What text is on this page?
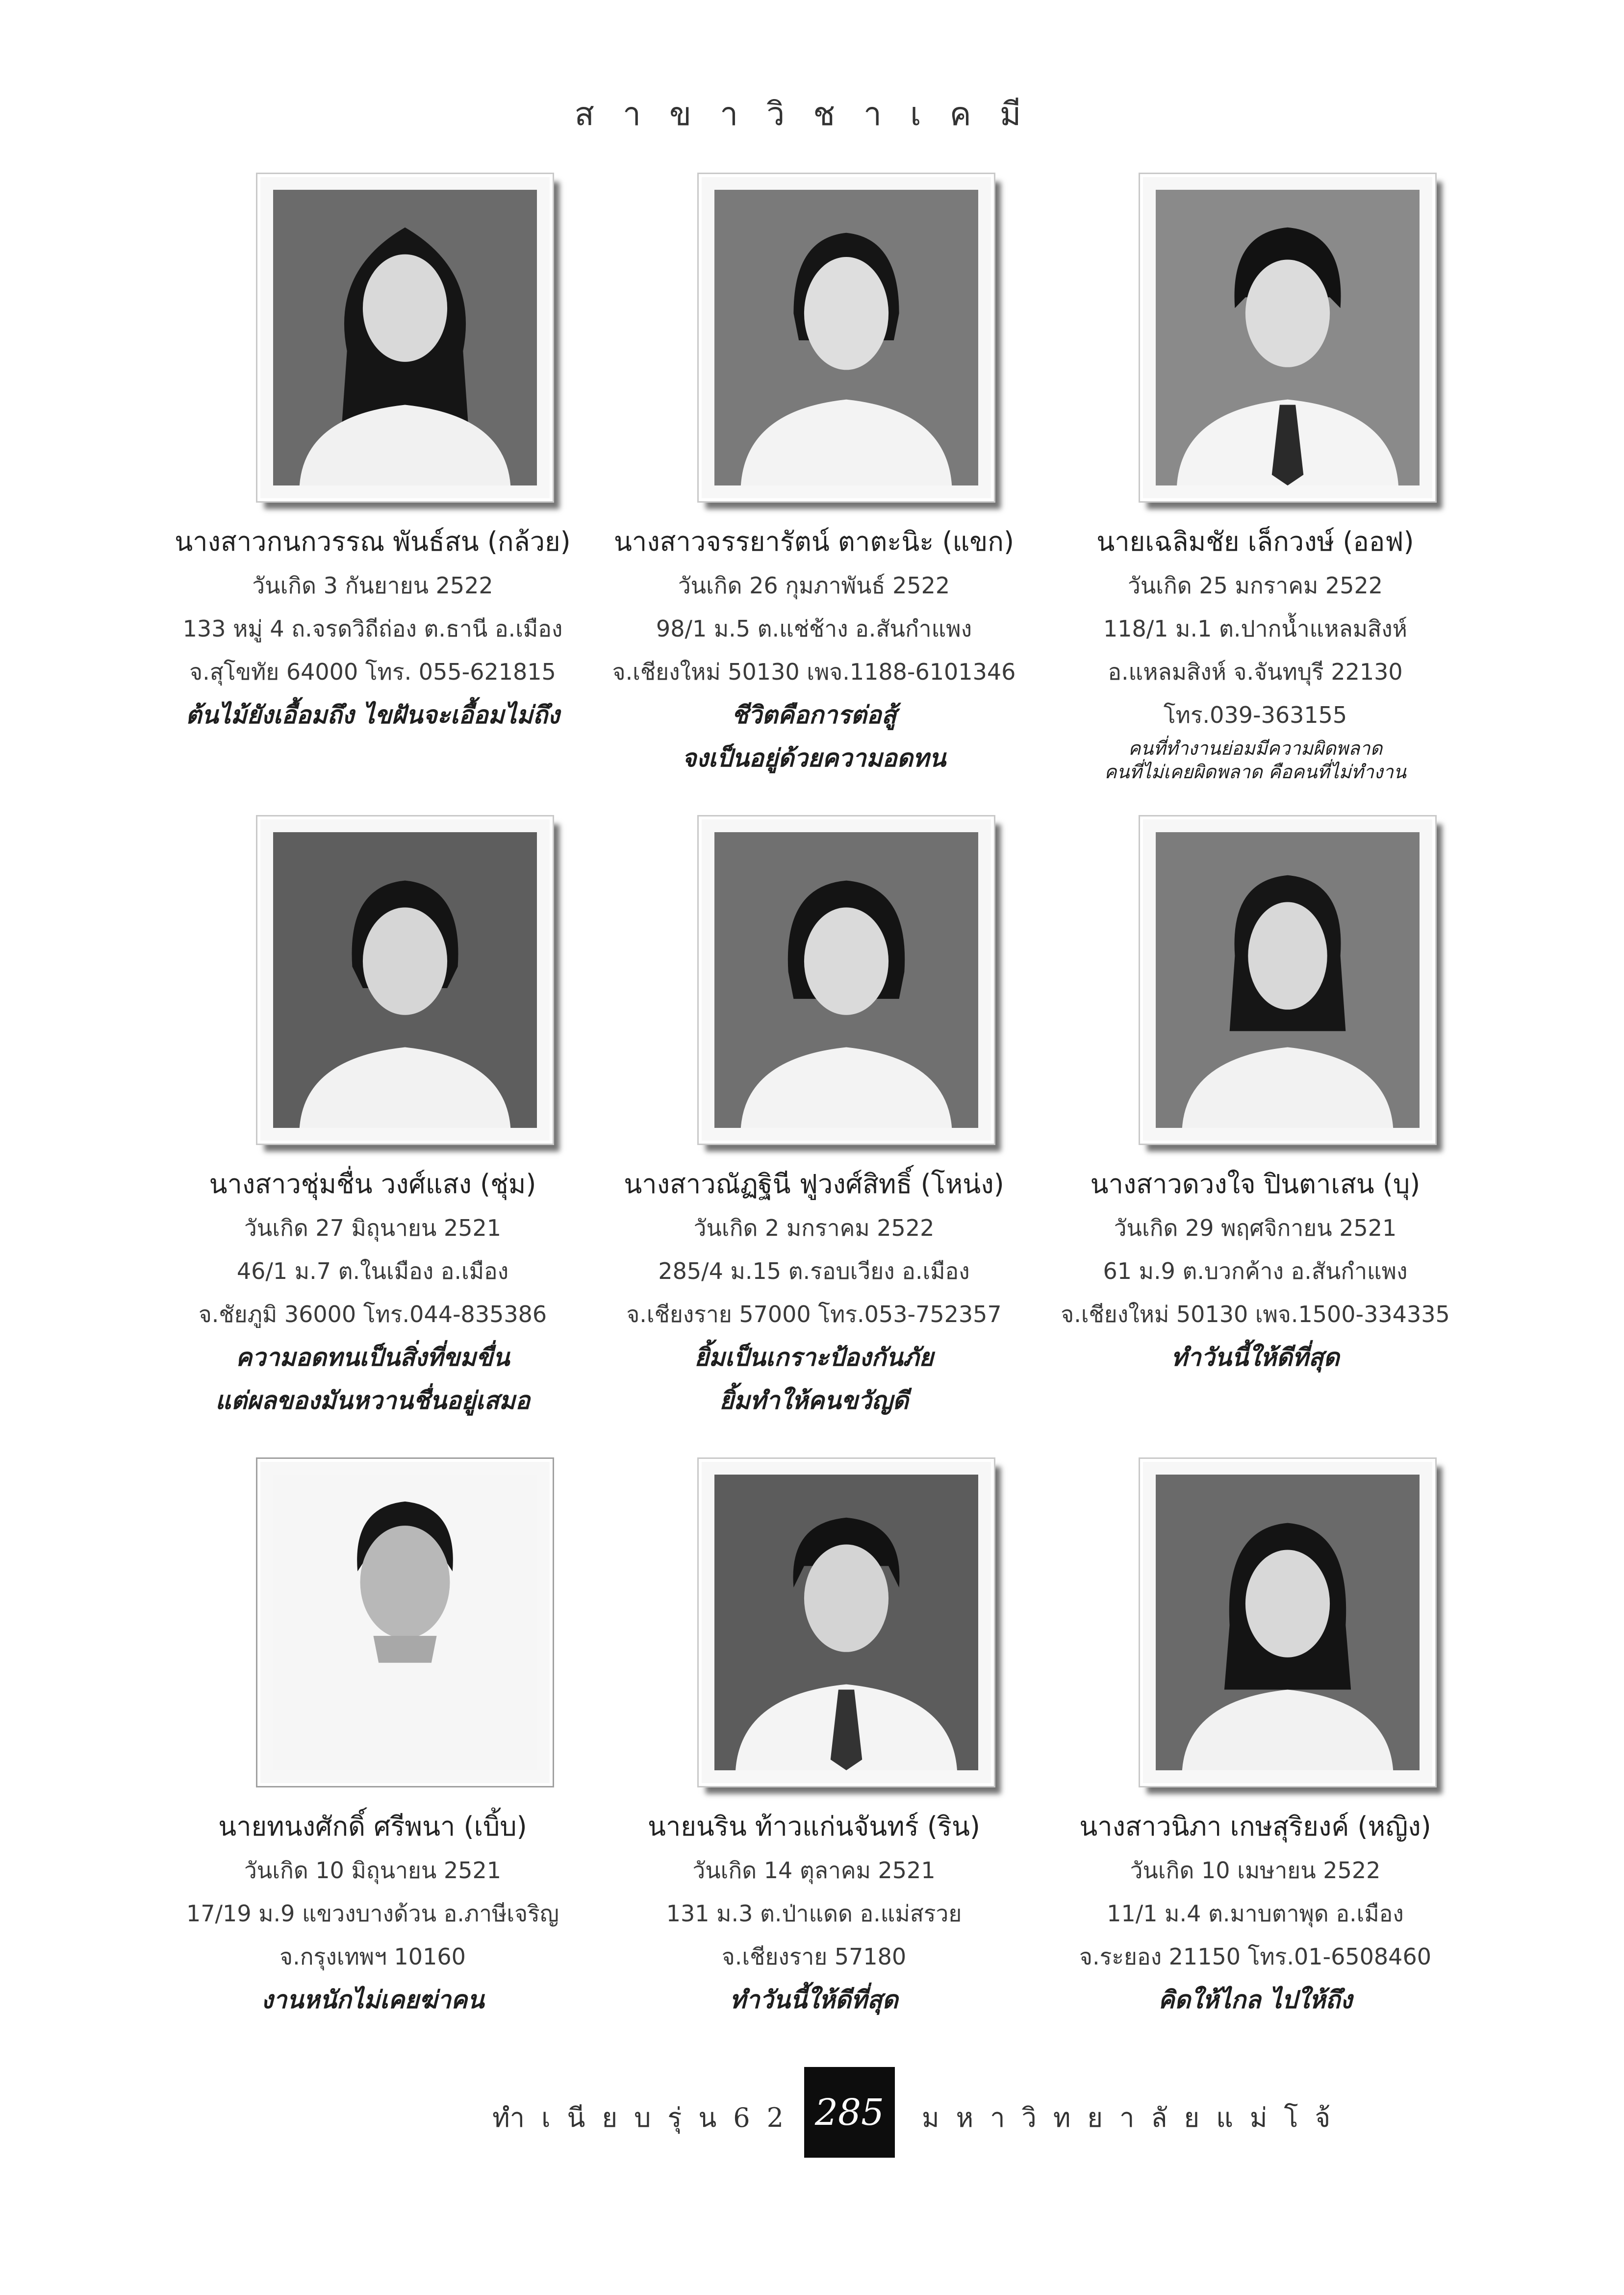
สาขาวิชาเคมี
นางสาวกนกวรรณ พันธ์สน (กล้วย)
วันเกิด 3 กันยายน 2522
133 หมู่ 4 ถ.จรดวิถีถ่อง ต.ธานี อ.เมือง
จ.สุโขทัย 64000 โทร. 055-621815
ต้นไม้ยังเอื้อมถึง ไขฝันจะเอื้อมไม่ถึง
นางสาวจรรยารัตน์ ตาตะนิะ (แขก)
วันเกิด 26 กุมภาพันธ์ 2522
98/1 ม.5 ต.แช่ช้าง อ.สันกำแพง
จ.เชียงใหม่ 50130 เพจ.1188-6101346
ชีวิตคือการต่อสู้
จงเป็นอยู่ด้วยความอดทน
นายเฉลิมชัย เล็กวงษ์ (ออฟ)
วันเกิด 25 มกราคม 2522
118/1 ม.1 ต.ปากน้ำแหลมสิงห์
อ.แหลมสิงห์ จ.จันทบุรี 22130
โทร.039-363155
คนที่ทำงานย่อมมีความผิดพลาด
คนที่ไม่เคยผิดพลาด คือคนที่ไม่ทำงาน
นางสาวชุ่มชื่น วงศ์แสง (ชุ่ม)
วันเกิด 27 มิถุนายน 2521
46/1 ม.7 ต.ในเมือง อ.เมือง
จ.ชัยภูมิ 36000 โทร.044-835386
ความอดทนเป็นสิ่งที่ขมขื่น
แต่ผลของมันหวานชื่นอยู่เสมอ
นางสาวณัฏฐินี ฟูวงศ์สิทธิ์ (โหน่ง)
วันเกิด 2 มกราคม 2522
285/4 ม.15 ต.รอบเวียง อ.เมือง
จ.เชียงราย 57000 โทร.053-752357
ยิ้มเป็นเกราะป้องกันภัย
ยิ้มทำให้คนขวัญดี
นางสาวดวงใจ ปินตาเสน (บุ)
วันเกิด 29 พฤศจิกายน 2521
61 ม.9 ต.บวกค้าง อ.สันกำแพง
จ.เชียงใหม่ 50130 เพจ.1500-334335
ทำวันนี้ให้ดีที่สุด
นายทนงศักดิ์ ศรีพนา (เบิ้บ)
วันเกิด 10 มิถุนายน 2521
17/19 ม.9 แขวงบางด้วน อ.ภาษีเจริญ
จ.กรุงเทพฯ 10160
งานหนักไม่เคยฆ่าคน
นายนริน ท้าวแก่นจันทร์ (ริน)
วันเกิด 14 ตุลาคม 2521
131 ม.3 ต.ป่าแดด อ.แม่สรวย
จ.เชียงราย 57180
ทำวันนี้ให้ดีที่สุด
นางสาวนิภา เกษสุริยงค์ (หญิง)
วันเกิด 10 เมษายน 2522
11/1 ม.4 ต.มาบตาพุด อ.เมือง
จ.ระยอง 21150 โทร.01-6508460
คิดให้ไกล ไปให้ถึง
ทำเนียบรุ่น62 285	มหาวิทยาลัยแม่โจ้
